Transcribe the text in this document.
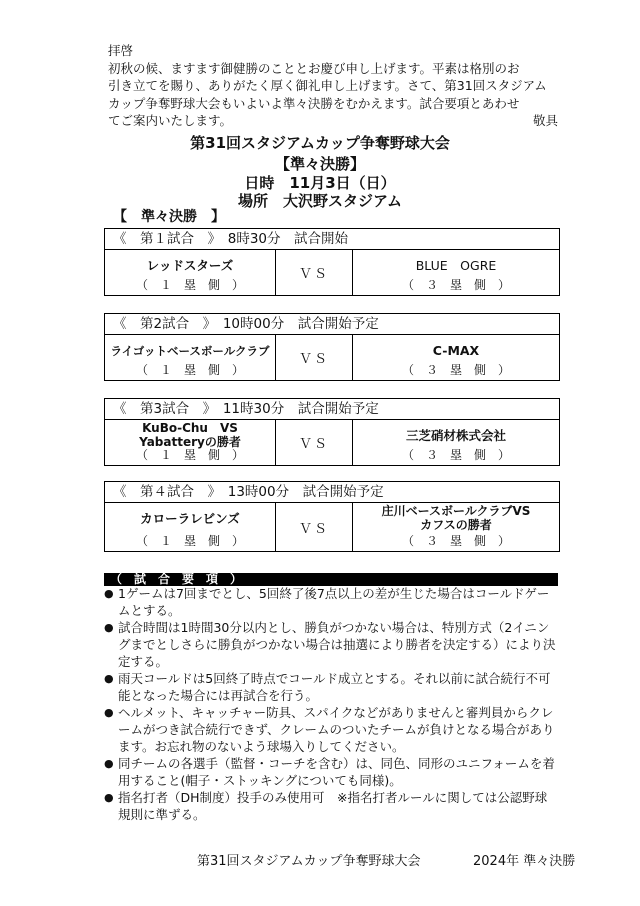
拝啓
初秋の候、ますます御健勝のこととお慶び申し上げます。平素は格別のお
引き立てを賜り、ありがたく厚く御礼申し上げます。さて、第31回スタジアム
カップ争奪野球大会もいよいよ準々決勝をむかえます。試合要項とあわせ
てご案内いたします。	敬具
第31回スタジアムカップ争奪野球大会
【準々決勝】
日時　11月3日（日）
場所　大沢野スタジアム
【　準々決勝　】
《　第１試合　》　8時30分　試合開始
レッドスターズ
（　１　塁　側　）
ＶＳ
BLUE　OGRE
（　３　塁　側　）
《　第2試合　》　10時00分　試合開始予定
ライゴットベースボールクラブ
（　１　塁　側　）
ＶＳ
C-MAX
（　３　塁　側　）
《　第3試合　》　11時30分　試合開始予定
KuBo-Chu　VS
Yabatteryの勝者
（　１　塁　側　）
ＶＳ
三芝硝材株式会社
（　３　塁　側　）
《　第４試合　》　13時00分　試合開始予定
カローラレビンズ
（　１　塁　側　）
ＶＳ
庄川ベースボールクラブVS
カフスの勝者
（　３　塁　側　）
（　試　合　要　項　）
● 1ゲームは7回までとし、5回終了後7点以上の差が生じた場合はコールドゲームとする。
● 試合時間は1時間30分以内とし、勝負がつかない場合は、特別方式（2イニングまでとしさらに勝負がつかない場合は抽選により勝者を決定する）により決定する。
● 雨天コールドは5回終了時点でコールド成立とする。それ以前に試合続行不可能となった場合には再試合を行う。
● ヘルメット、キャッチャー防具、スパイクなどがありませんと審判員からクレームがつき試合続行できず、クレームのついたチームが負けとなる場合があります。お忘れ物のないよう球場入りしてください。
● 同チームの各選手（監督・コーチを含む）は、同色、同形のユニフォームを着用すること(帽子・ストッキングについても同様)。
● 指名打者（DH制度）投手のみ使用可　※指名打者ルールに関しては公認野球規則に準ずる。
第31回スタジアムカップ争奪野球大会	2024年 準々決勝
